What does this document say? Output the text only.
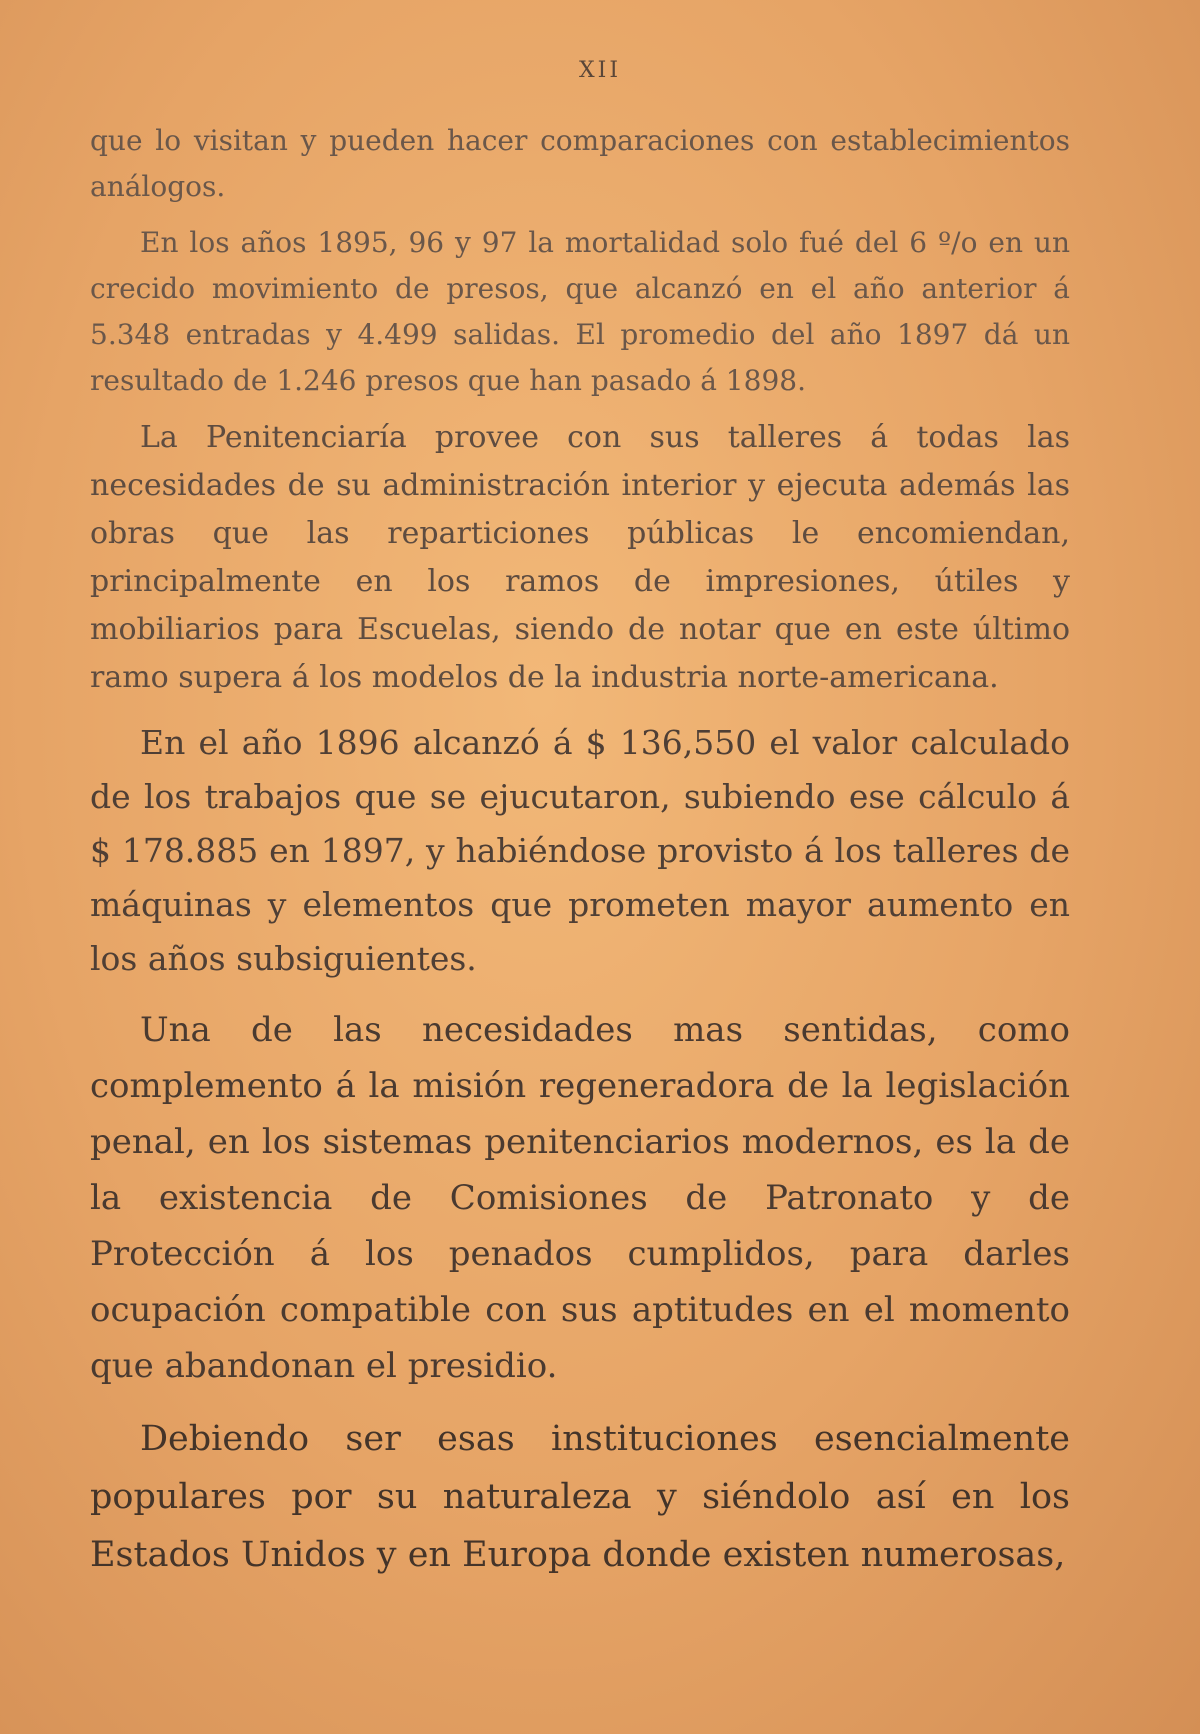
XII

que lo visitan y pueden hacer comparaciones con establecimientos análogos.

En los años 1895, 96 y 97 la mortalidad solo fué del 6 º/o en un crecido movimiento de presos, que alcanzó en el año anterior á 5.348 entradas y 4.499 salidas. El promedio del año 1897 dá un resultado de 1.246 presos que han pasado á 1898.

La Penitenciaría provee con sus talleres á todas las necesidades de su administración interior y ejecuta además las obras que las reparticiones públicas le encomiendan, principalmente en los ramos de impresiones, útiles y mobiliarios para Escuelas, siendo de notar que en este último ramo supera á los modelos de la industria norte-americana.

En el año 1896 alcanzó á $ 136,550 el valor calculado de los trabajos que se ejucutaron, subiendo ese cálculo á $ 178.885 en 1897, y habiéndose provisto á los talleres de máquinas y elementos que prometen mayor aumento en los años subsiguientes.

Una de las necesidades mas sentidas, como complemento á la misión regeneradora de la legislación penal, en los sistemas penitenciarios modernos, es la de la existencia de Comisiones de Patronato y de Protección á los penados cumplidos, para darles ocupación compatible con sus aptitudes en el momento que abandonan el presidio.

Debiendo ser esas instituciones esencialmente populares por su naturaleza y siéndolo así en los Estados Unidos y en Europa donde existen numerosas,
